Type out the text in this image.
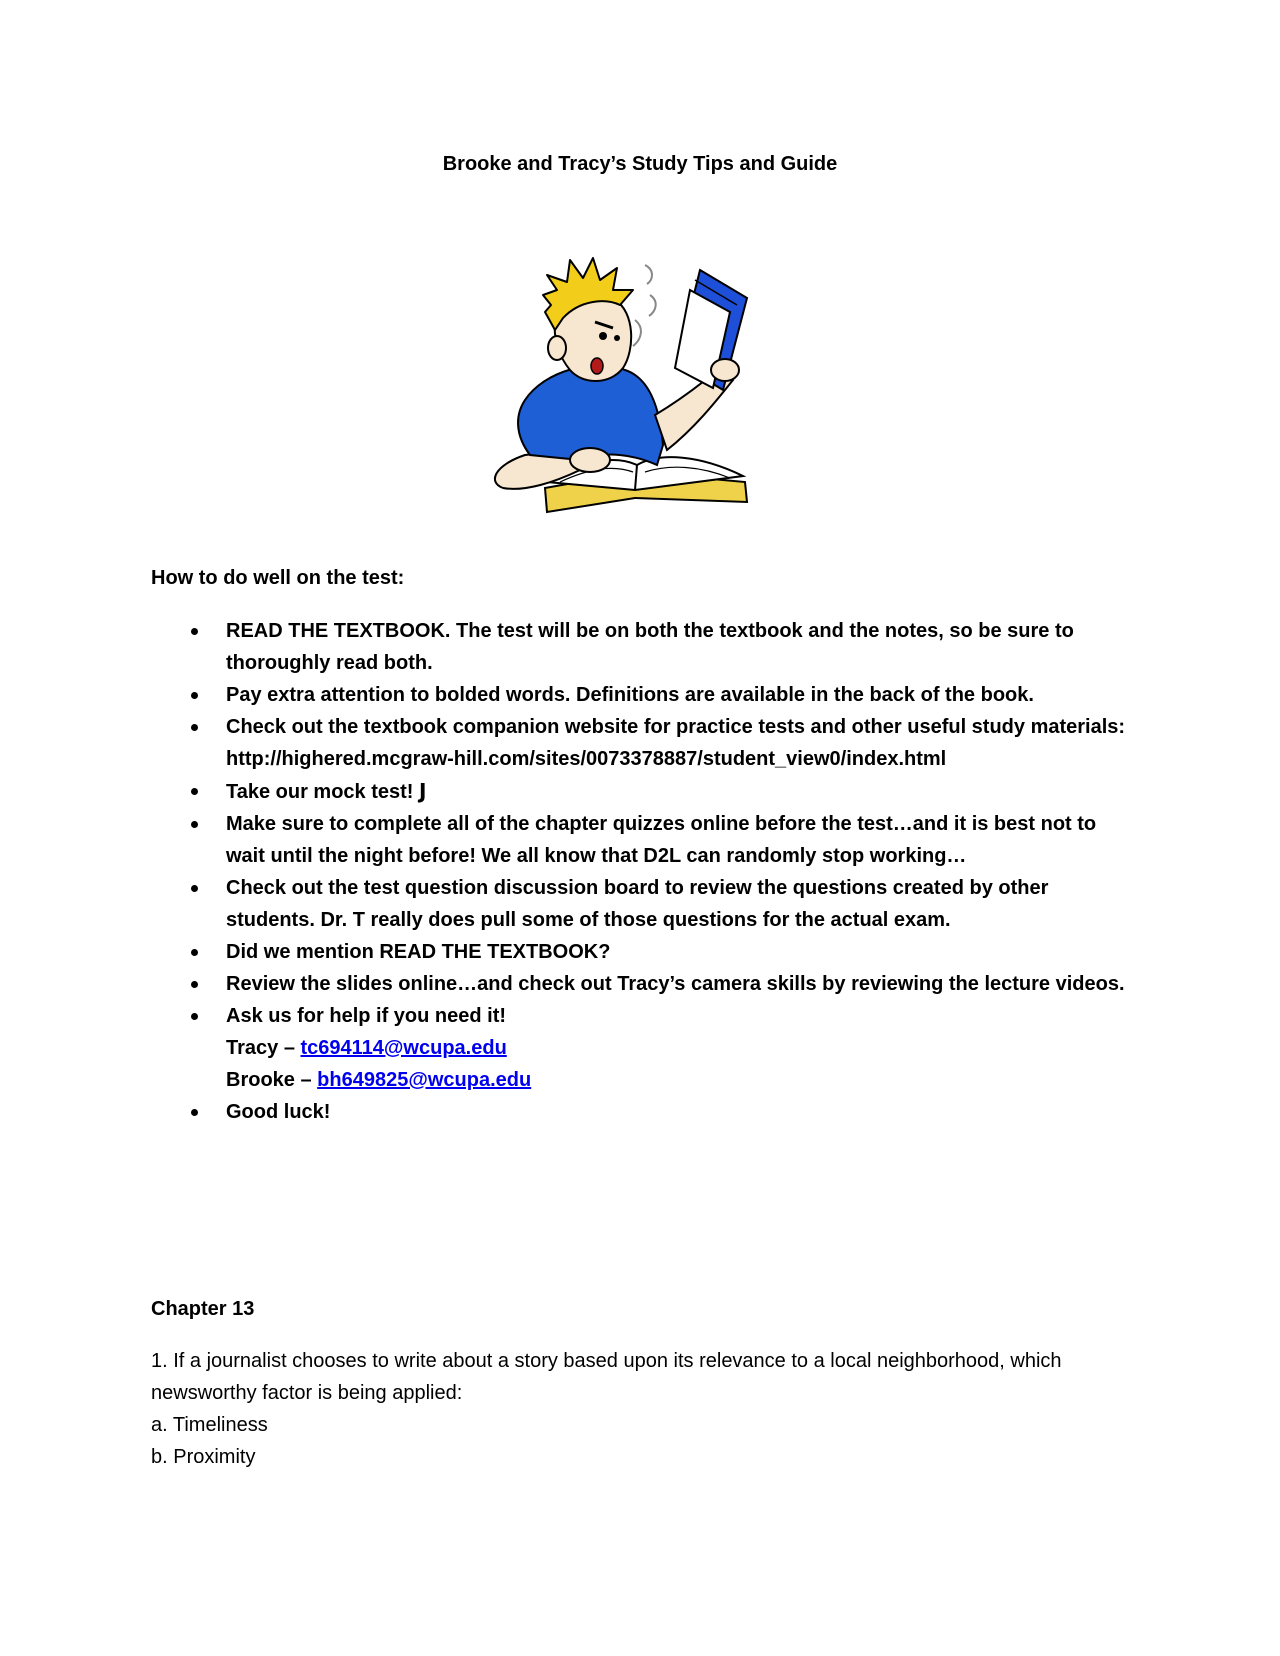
Brooke and Tracy’s Study Tips and Guide
How to do well on the test:
READ THE TEXTBOOK. The test will be on both the textbook and the notes, so be sure to
thoroughly read both.
Pay extra attention to bolded words. Definitions are available in the back of the book.
Check out the textbook companion website for practice tests and other useful study materials:
http://highered.mcgraw-hill.com/sites/0073378887/student_view0/index.html
Take our mock test! J
Make sure to complete all of the chapter quizzes online before the test…and it is best not to
wait until the night before! We all know that D2L can randomly stop working…
Check out the test question discussion board to review the questions created by other
students. Dr. T really does pull some of those questions for the actual exam.
Did we mention READ THE TEXTBOOK?
Review the slides online…and check out Tracy’s camera skills by reviewing the lecture videos.
Ask us for help if you need it!
Tracy – tc694114@wcupa.edu
Brooke – bh649825@wcupa.edu
Good luck!
Chapter 13
1. If a journalist chooses to write about a story based upon its relevance to a local neighborhood, which
newsworthy factor is being applied:
a. Timeliness
b. Proximity
